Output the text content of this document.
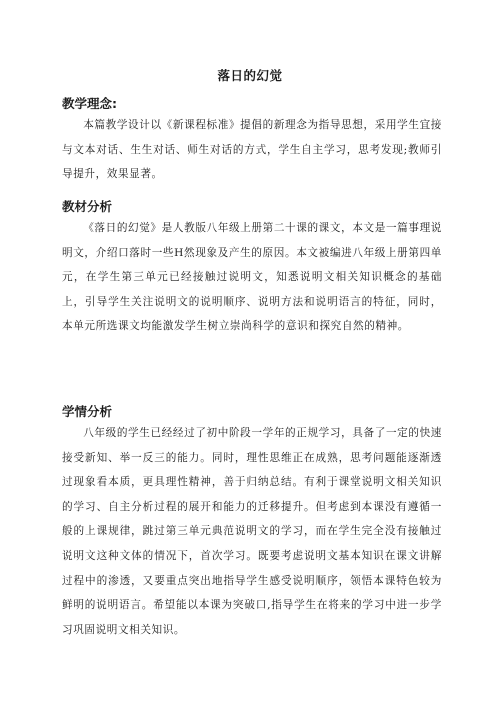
落日的幻觉
教学理念:

本篇教学设计以《新课程标准》提倡的新理念为指导思想，采用学生宜接与文本对话、生生对话、师生对话的方式，学生自主学习，思考发现;教师引导提升，效果显著。

教材分析

《落日的幻觉》是人教版八年级上册第二十课的课文，本文是一篇事理说明文，介绍口落时一些H然现象及产生的原因。本文被编进八年级上册第四单元，在学生第三单元已经接触过说明文，知悉说明文相关知识概念的基础上，引导学生关注说明文的说明顺序、说明方法和说明语言的特征，同时，本单元所选课文均能激发学生树立崇尚科学的意识和探究自然的精神。

学情分析

八年级的学生已经经过了初中阶段一学年的正规学习，具备了一定的快速接受新知、举一反三的能力。同时，理性思维正在成熟，思考问题能逐渐透过现象看本质，更具理性精神，善于归纳总结。有利于课堂说明文相关知识的学习、自主分析过程的展开和能力的迁移提升。但考虑到本课没有遵循一般的上课规律，跳过第三单元典范说明文的学习，而在学生完全没有接触过说明文这种文体的情况下，首次学习。既要考虑说明文基本知识在课文讲解过程中的渗透，又要重点突出地指导学生感受说明顺序，领悟本课特色较为鲜明的说明语言。希望能以本课为突破口,指导学生在将来的学习中进一步学习巩固说明文相关知识。
